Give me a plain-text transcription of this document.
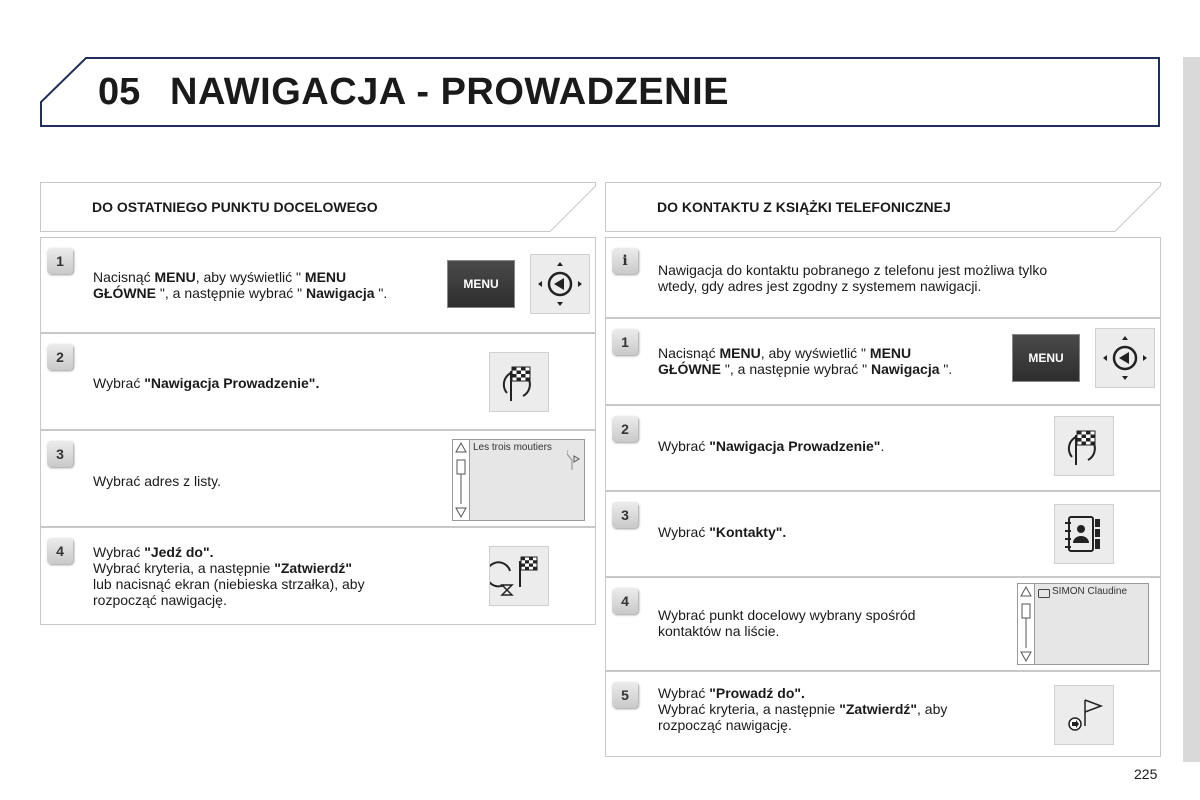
05 NAWIGACJA - PROWADZENIE
DO OSTATNIEGO PUNKTU DOCELOWEGO
1
Nacisnąć MENU, aby wyświetlić " MENU
GŁÓWNE ", a następnie wybrać " Nawigacja ".
MENU
2
Wybrać "Nawigacja Prowadzenie".
3
Wybrać adres z listy.
Les trois moutiers
4	Wybrać "Jedź do".
Wybrać kryteria, a następnie "Zatwierdź"
lub nacisnąć ekran (niebieska strzałka), aby
rozpocząć nawigację.
DO KONTAKTU Z KSIĄŻKI TELEFONICZNEJ
i
Nawigacja do kontaktu pobranego z telefonu jest możliwa tylko
wtedy, gdy adres jest zgodny z systemem nawigacji.
1
Nacisnąć MENU, aby wyświetlić " MENU
GŁÓWNE ", a następnie wybrać " Nawigacja ".
MENU
2
Wybrać "Nawigacja Prowadzenie".
3
Wybrać "Kontakty".
4
Wybrać punkt docelowy wybrany spośród
kontaktów na liście.
SIMON Claudine
5	Wybrać "Prowadź do".
Wybrać kryteria, a następnie "Zatwierdź", aby
rozpocząć nawigację.
225
